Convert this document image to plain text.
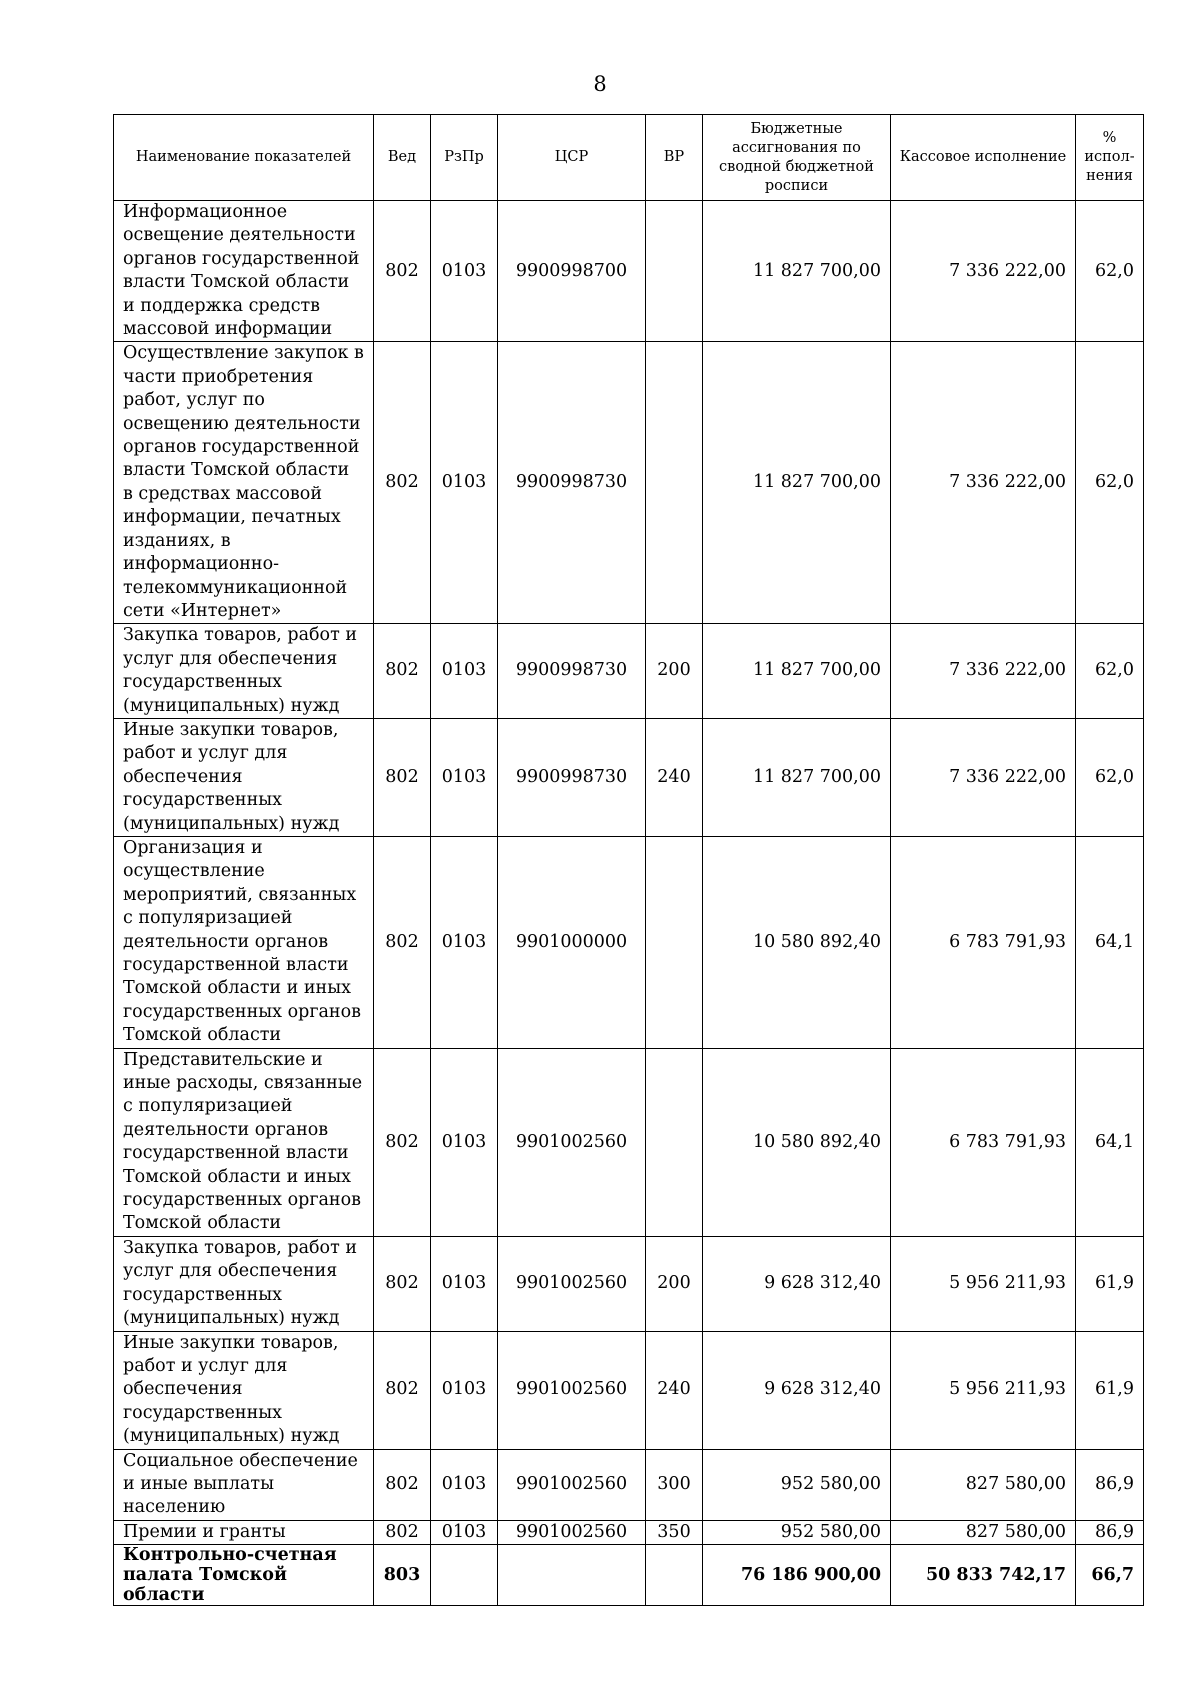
8
Наименование показателей	Вед	РзПр	ЦСР	ВР	Бюджетные ассигнования по сводной бюджетной росписи	Кассовое исполнение	% испол-нения
Информационное освещение деятельности органов государственной власти Томской области и поддержка средств массовой информации	802	0103	9900998700		11 827 700,00	7 336 222,00	62,0
Осуществление закупок в части приобретения работ, услуг по освещению деятельности органов государственной власти Томской области в средствах массовой информации, печатных изданиях, в информационно-телекоммуникационной сети «Интернет»	802	0103	9900998730		11 827 700,00	7 336 222,00	62,0
Закупка товаров, работ и услуг для обеспечения государственных (муниципальных) нужд	802	0103	9900998730	200	11 827 700,00	7 336 222,00	62,0
Иные закупки товаров, работ и услуг для обеспечения государственных (муниципальных) нужд	802	0103	9900998730	240	11 827 700,00	7 336 222,00	62,0
Организация и осуществление мероприятий, связанных с популяризацией деятельности органов государственной власти Томской области и иных государственных органов Томской области	802	0103	9901000000		10 580 892,40	6 783 791,93	64,1
Представительские и иные расходы, связанные с популяризацией деятельности органов государственной власти Томской области и иных государственных органов Томской области	802	0103	9901002560		10 580 892,40	6 783 791,93	64,1
Закупка товаров, работ и услуг для обеспечения государственных (муниципальных) нужд	802	0103	9901002560	200	9 628 312,40	5 956 211,93	61,9
Иные закупки товаров, работ и услуг для обеспечения государственных (муниципальных) нужд	802	0103	9901002560	240	9 628 312,40	5 956 211,93	61,9
Социальное обеспечение и иные выплаты населению	802	0103	9901002560	300	952 580,00	827 580,00	86,9
Премии и гранты	802	0103	9901002560	350	952 580,00	827 580,00	86,9
Контрольно-счетная палата Томской области	803				76 186 900,00	50 833 742,17	66,7
